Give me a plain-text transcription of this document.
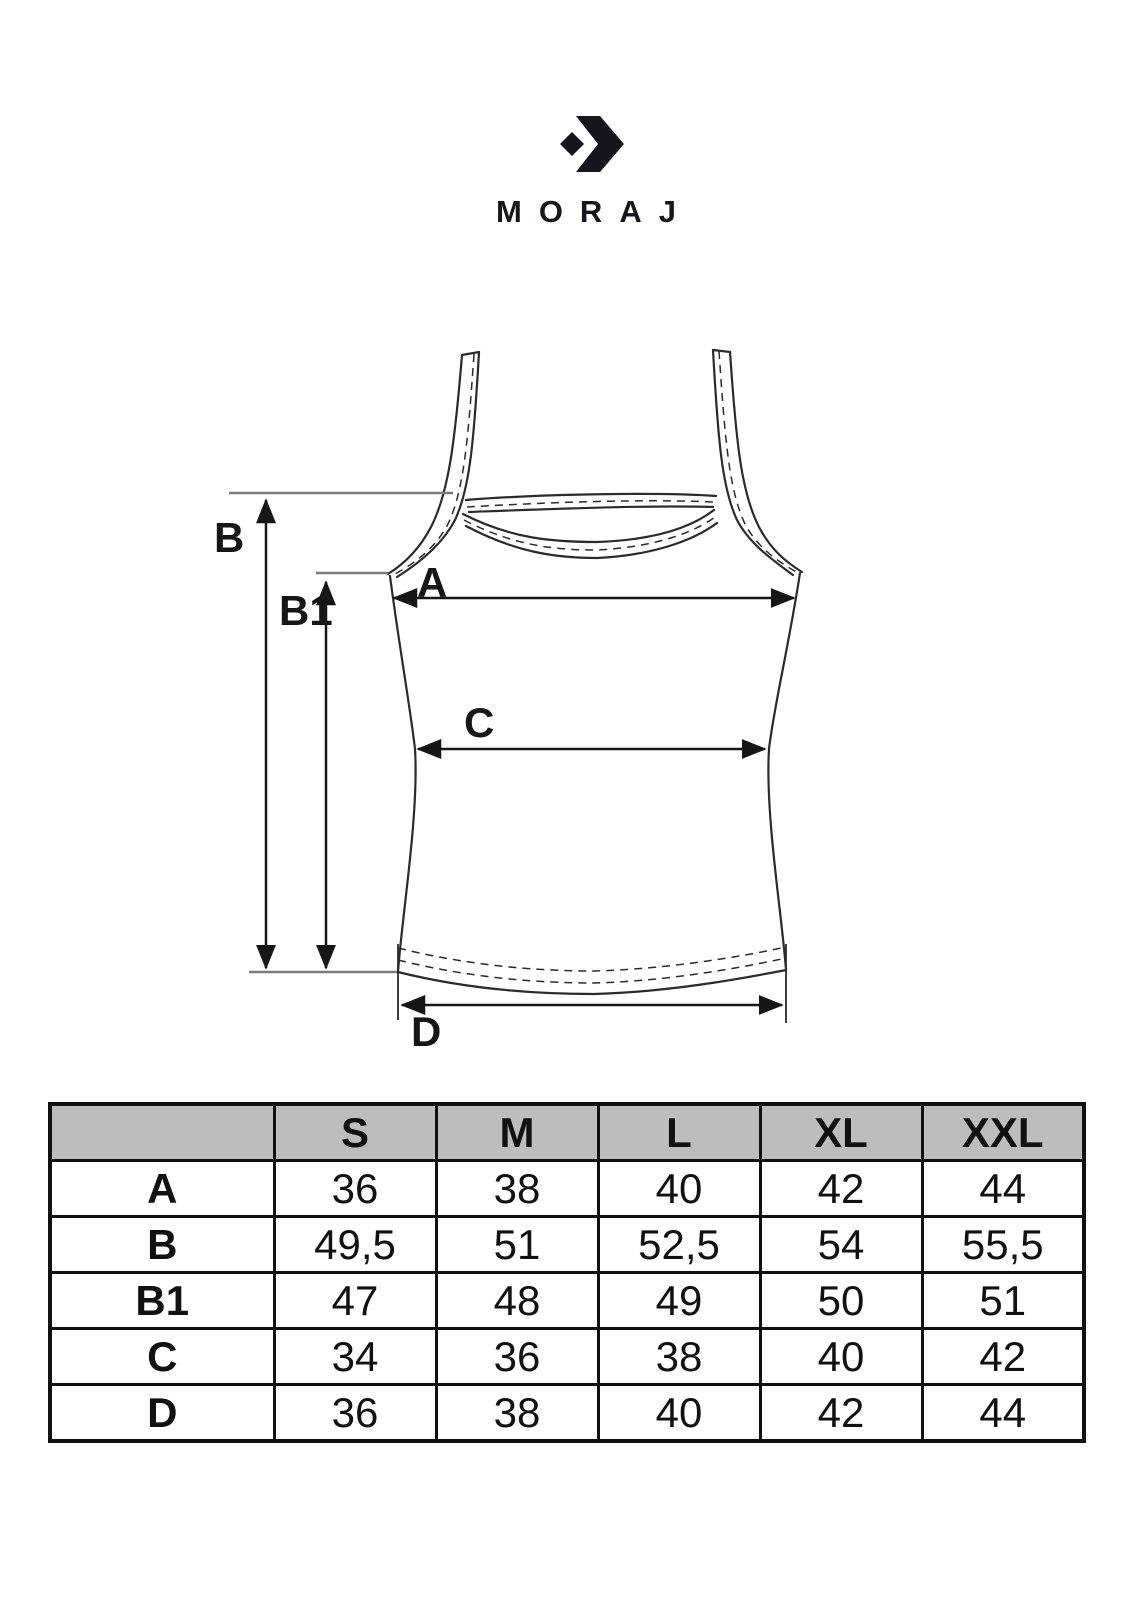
MORAJ
B
B1
A
C
D
	S	M	L	XL	XXL
A	36	38	40	42	44
B	49,5	51	52,5	54	55,5
B1	47	48	49	50	51
C	34	36	38	40	42
D	36	38	40	42	44
